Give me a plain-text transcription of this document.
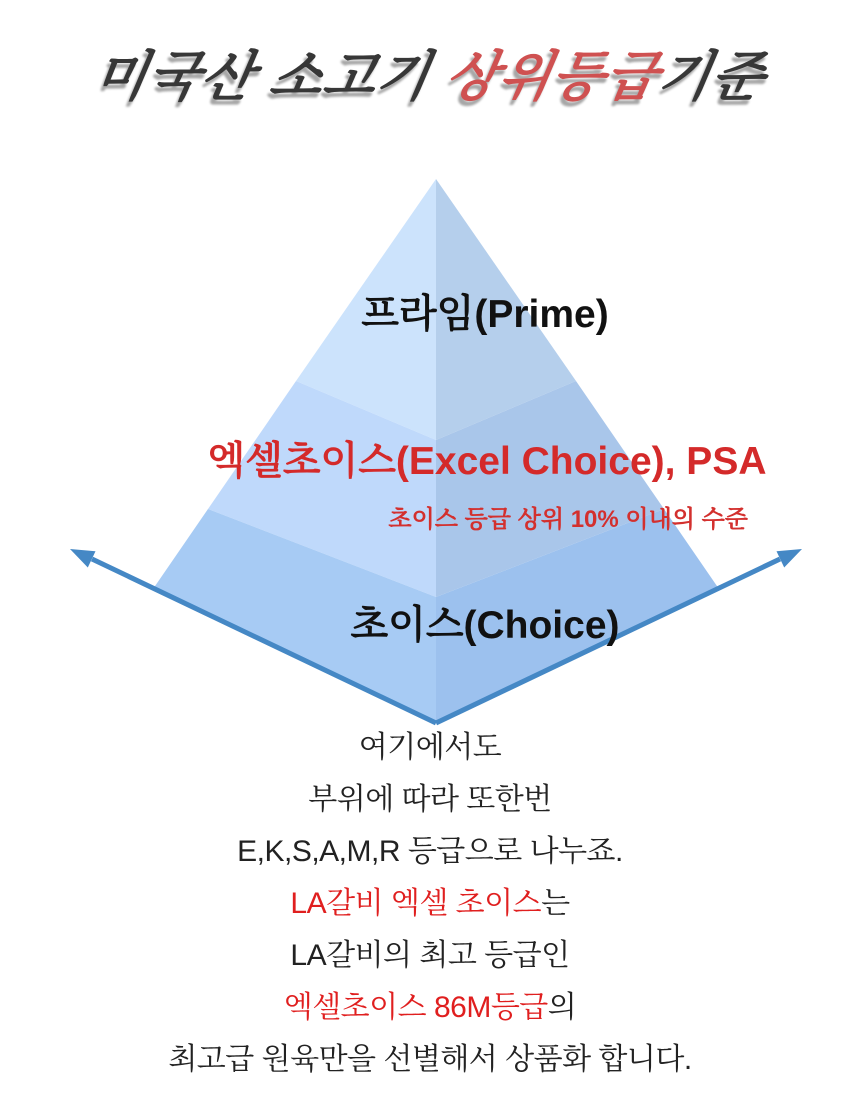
미국산 소고기 상위등급기준
프라임(Prime)
엑셀초이스(Excel Choice), PSA
초이스 등급 상위 10% 이내의 수준
초이스(Choice)
여기에서도
부위에 따라 또한번
E,K,S,A,M,R 등급으로 나누죠.
LA갈비 엑셀 초이스는
LA갈비의 최고 등급인
엑셀초이스 86M등급의
최고급 원육만을 선별해서 상품화 합니다.
